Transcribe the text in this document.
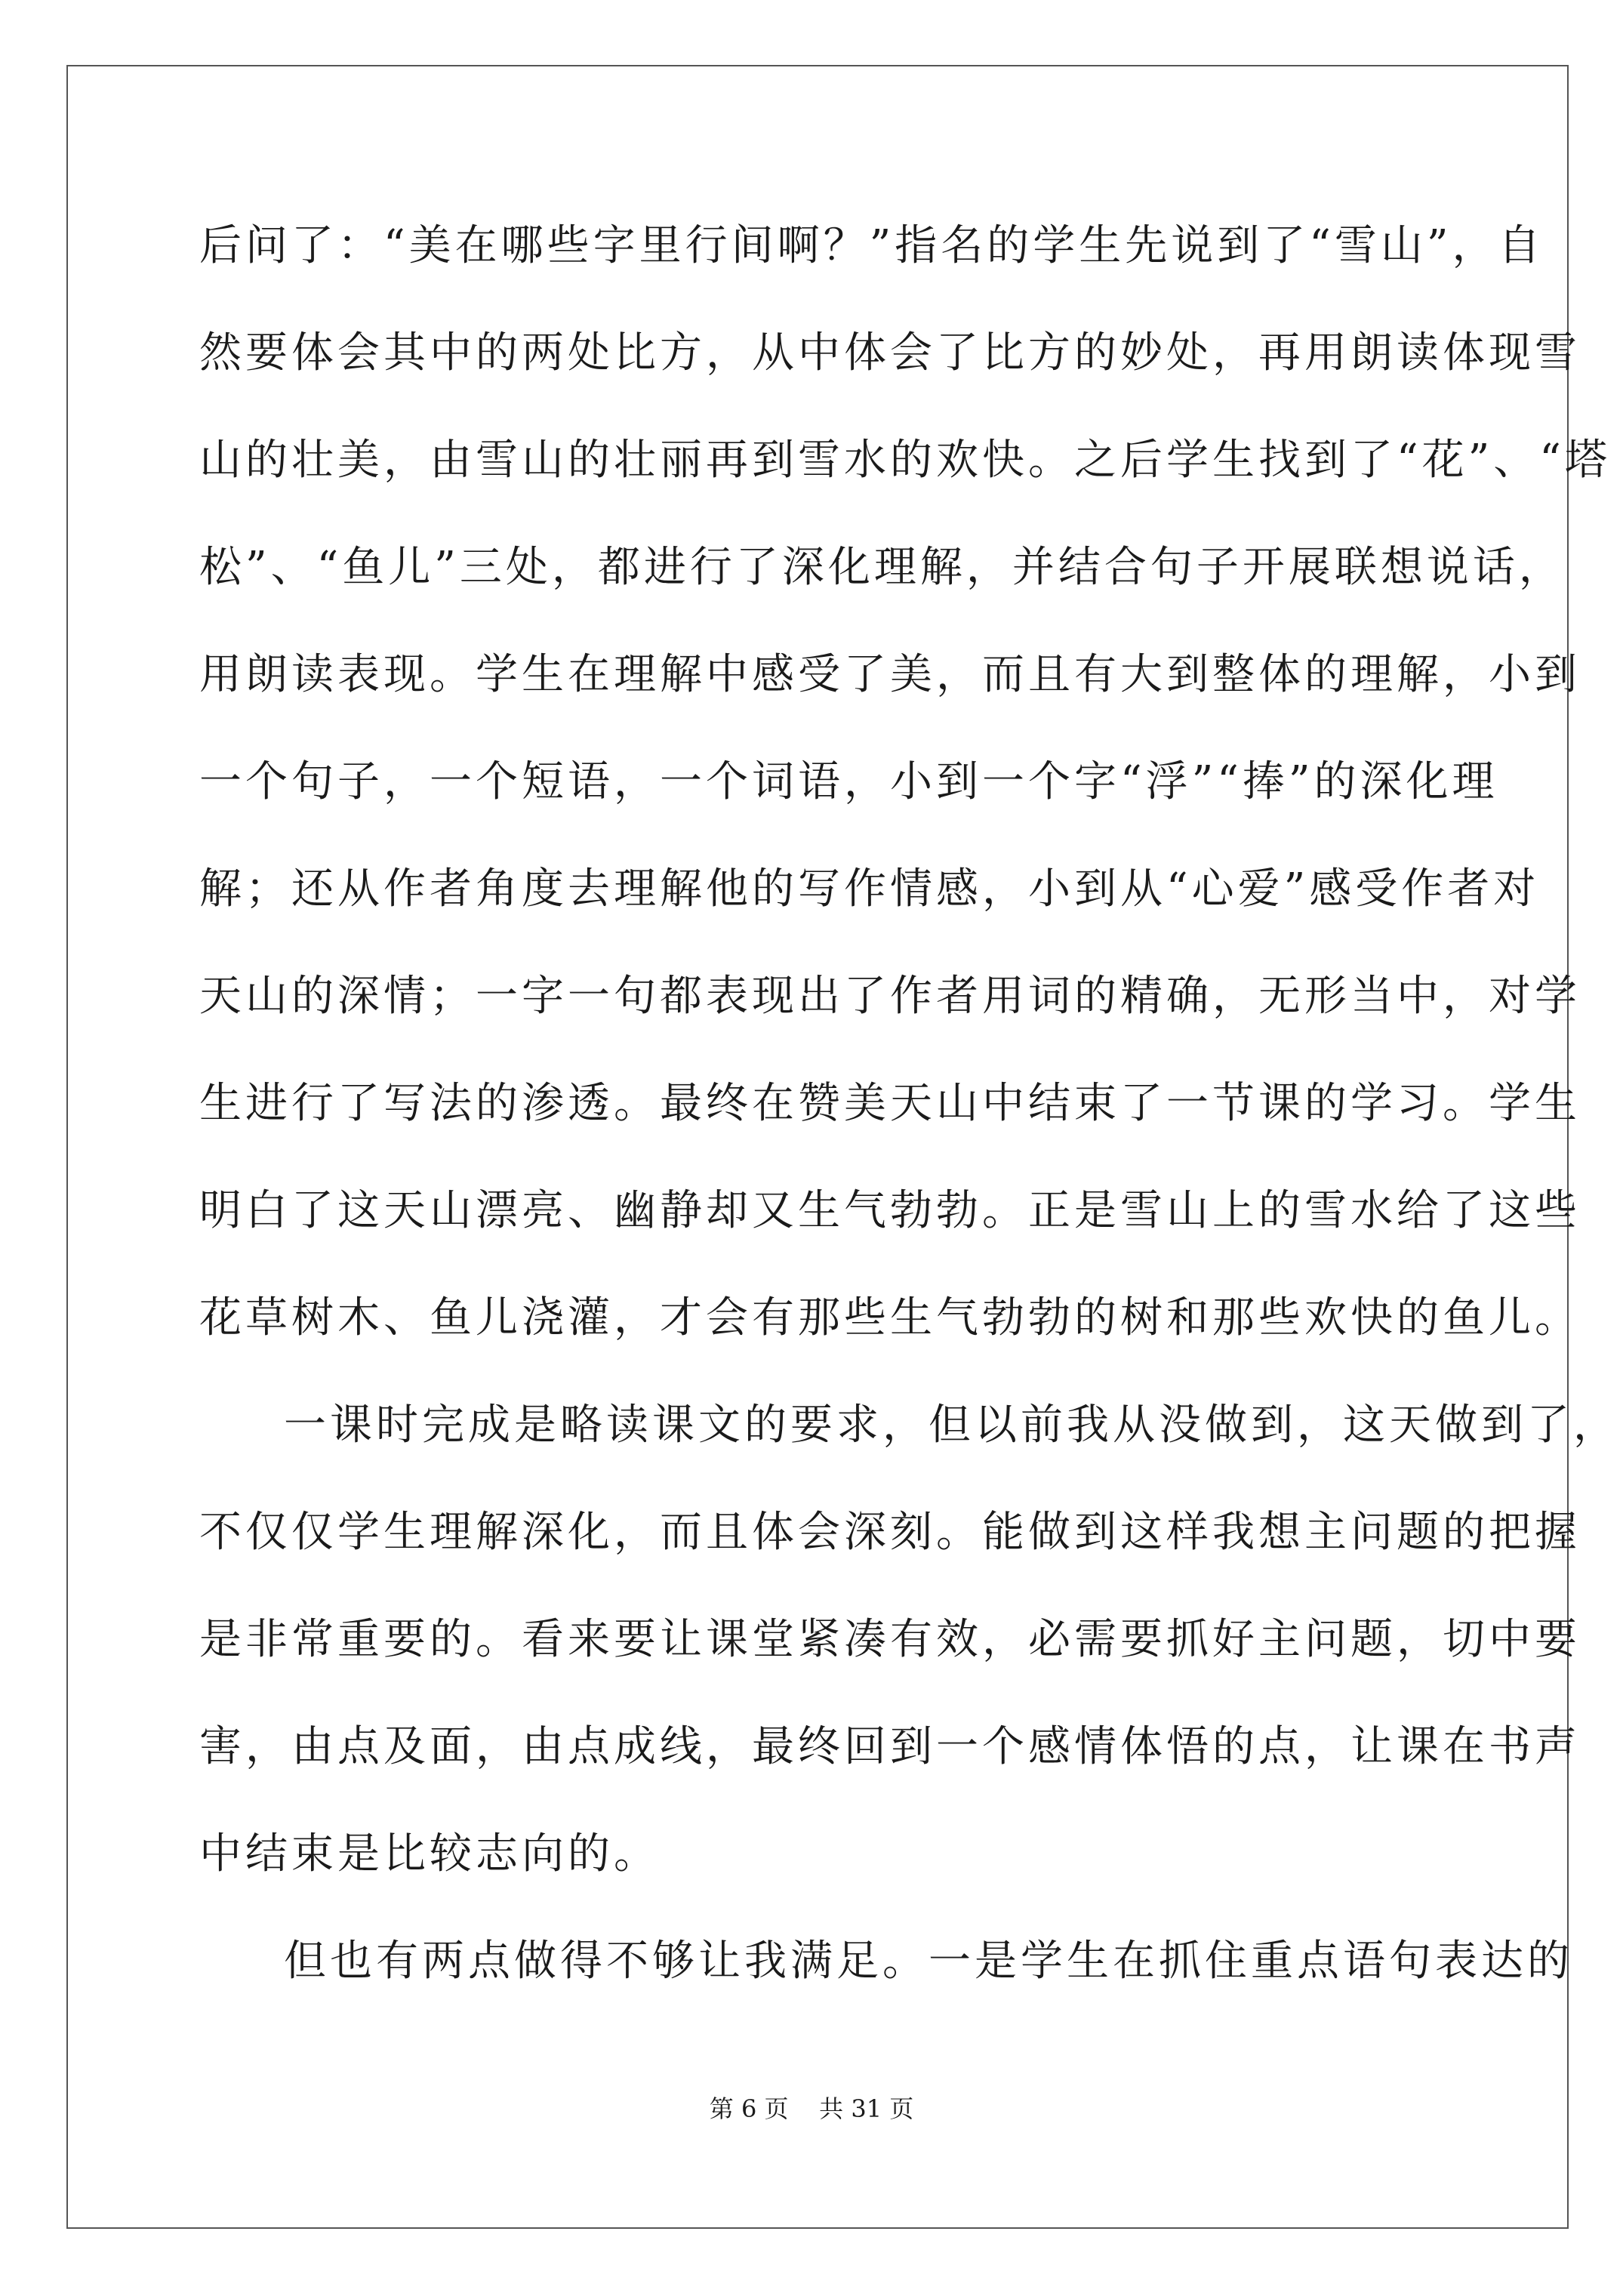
后问了：“美在哪些字里行间啊？”指名的学生先说到了“雪山”，自
然要体会其中的两处比方，从中体会了比方的妙处，再用朗读体现雪
山的壮美，由雪山的壮丽再到雪水的欢快。之后学生找到了“花”、“塔
松”、“鱼儿”三处，都进行了深化理解，并结合句子开展联想说话，
用朗读表现。学生在理解中感受了美，而且有大到整体的理解，小到
一个句子，一个短语，一个词语，小到一个字“浮”“捧”的深化理
解；还从作者角度去理解他的写作情感，小到从“心爱”感受作者对
天山的深情；一字一句都表现出了作者用词的精确，无形当中，对学
生进行了写法的渗透。最终在赞美天山中结束了一节课的学习。学生
明白了这天山漂亮、幽静却又生气勃勃。正是雪山上的雪水给了这些
花草树木、鱼儿浇灌，才会有那些生气勃勃的树和那些欢快的鱼儿。
一课时完成是略读课文的要求，但以前我从没做到，这天做到了，
不仅仅学生理解深化，而且体会深刻。能做到这样我想主问题的把握
是非常重要的。看来要让课堂紧凑有效，必需要抓好主问题，切中要
害，由点及面，由点成线，最终回到一个感情体悟的点，让课在书声
中结束是比较志向的。
但也有两点做得不够让我满足。一是学生在抓住重点语句表达的
第 6 页    共 31 页
